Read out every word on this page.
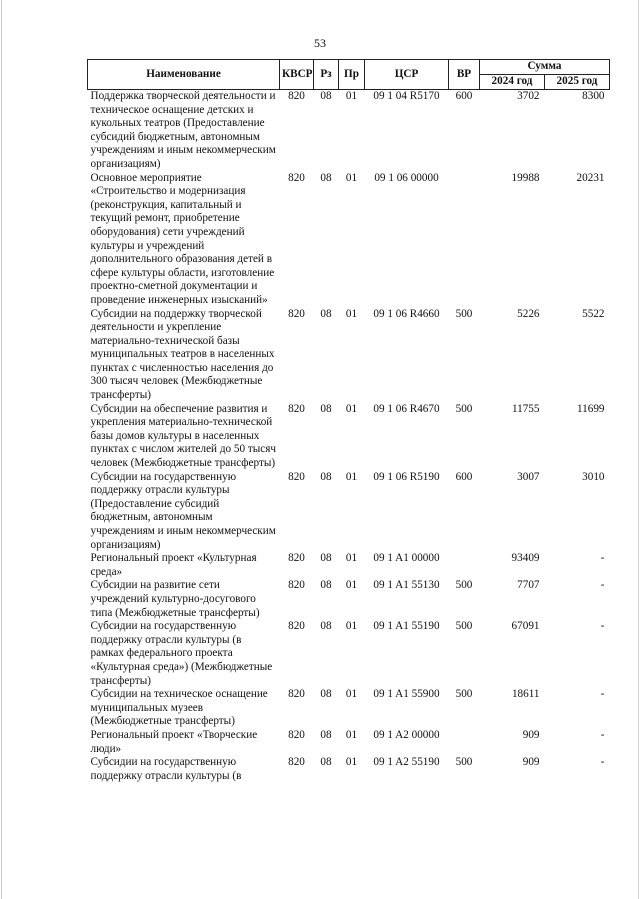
53
Наименование	КВСР	Рз	Пр	ЦСР	ВР	Сумма	
						2024 год	2025 год
Поддержка творческой деятельности и техническое оснащение детских и кукольных театров (Предоставление субсидий бюджетным, автономным учреждениям и иным некоммерческим организациям)	820	08	01	09 1 04 R5170	600	3702	8300
Основное мероприятие «Строительство и модернизация (реконструкция, капитальный и текущий ремонт, приобретение оборудования) сети учреждений культуры и учреждений дополнительного образования детей в сфере культуры области, изготовление проектно-сметной документации и проведение инженерных изысканий»	820	08	01	09 1 06 00000		19988	20231
Субсидии на поддержку творческой деятельности и укрепление материально-технической базы муниципальных театров в населенных пунктах с численностью населения до 300 тысяч человек (Межбюджетные трансферты)	820	08	01	09 1 06 R4660	500	5226	5522
Субсидии на обеспечение развития и укрепления материально-технической базы домов культуры в населенных пунктах с числом жителей до 50 тысяч человек (Межбюджетные трансферты)	820	08	01	09 1 06 R4670	500	11755	11699
Субсидии на государственную поддержку отрасли культуры (Предоставление субсидий бюджетным, автономным учреждениям и иным некоммерческим организациям)	820	08	01	09 1 06 R5190	600	3007	3010
Региональный проект «Культурная среда»	820	08	01	09 1 A1 00000		93409	-
Субсидии на развитие сети учреждений культурно-досугового типа (Межбюджетные трансферты)	820	08	01	09 1 A1 55130	500	7707	-
Субсидии на государственную поддержку отрасли культуры (в рамках федерального проекта «Культурная среда») (Межбюджетные трансферты)	820	08	01	09 1 A1 55190	500	67091	-
Субсидии на техническое оснащение муниципальных музеев (Межбюджетные трансферты)	820	08	01	09 1 A1 55900	500	18611	-
Региональный проект «Творческие люди»	820	08	01	09 1 A2 00000		909	-
Субсидии на государственную поддержку отрасли культуры (в	820	08	01	09 1 A2 55190	500	909	-
